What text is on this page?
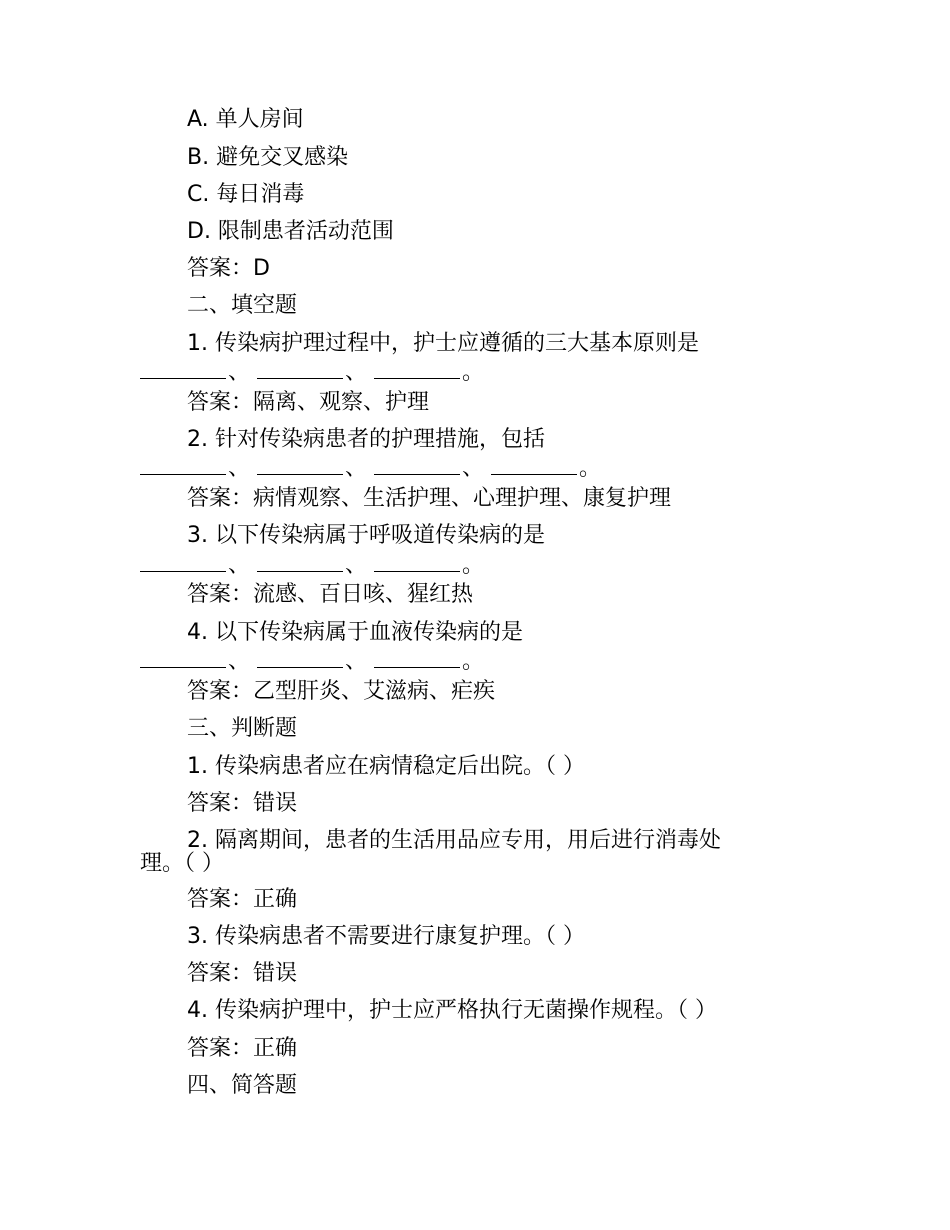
A. 单人房间
B. 避免交叉感染
C. 每日消毒
D. 限制患者活动范围
答案：D
二、填空题
1. 传染病护理过程中，护士应遵循的三大基本原则是
、	、	。
答案：隔离、观察、护理
2. 针对传染病患者的护理措施，包括
、	、	、	。
答案：病情观察、生活护理、心理护理、康复护理
3. 以下传染病属于呼吸道传染病的是
、	、	。
答案：流感、百日咳、猩红热
4. 以下传染病属于血液传染病的是
、	、	。
答案：乙型肝炎、艾滋病、疟疾
三、判断题
1. 传染病患者应在病情稳定后出院。（ ）
答案：错误
2. 隔离期间，患者的生活用品应专用，用后进行消毒处
理。（ ）
答案：正确
3. 传染病患者不需要进行康复护理。（ ）
答案：错误
4. 传染病护理中，护士应严格执行无菌操作规程。（ ）
答案：正确
四、简答题
